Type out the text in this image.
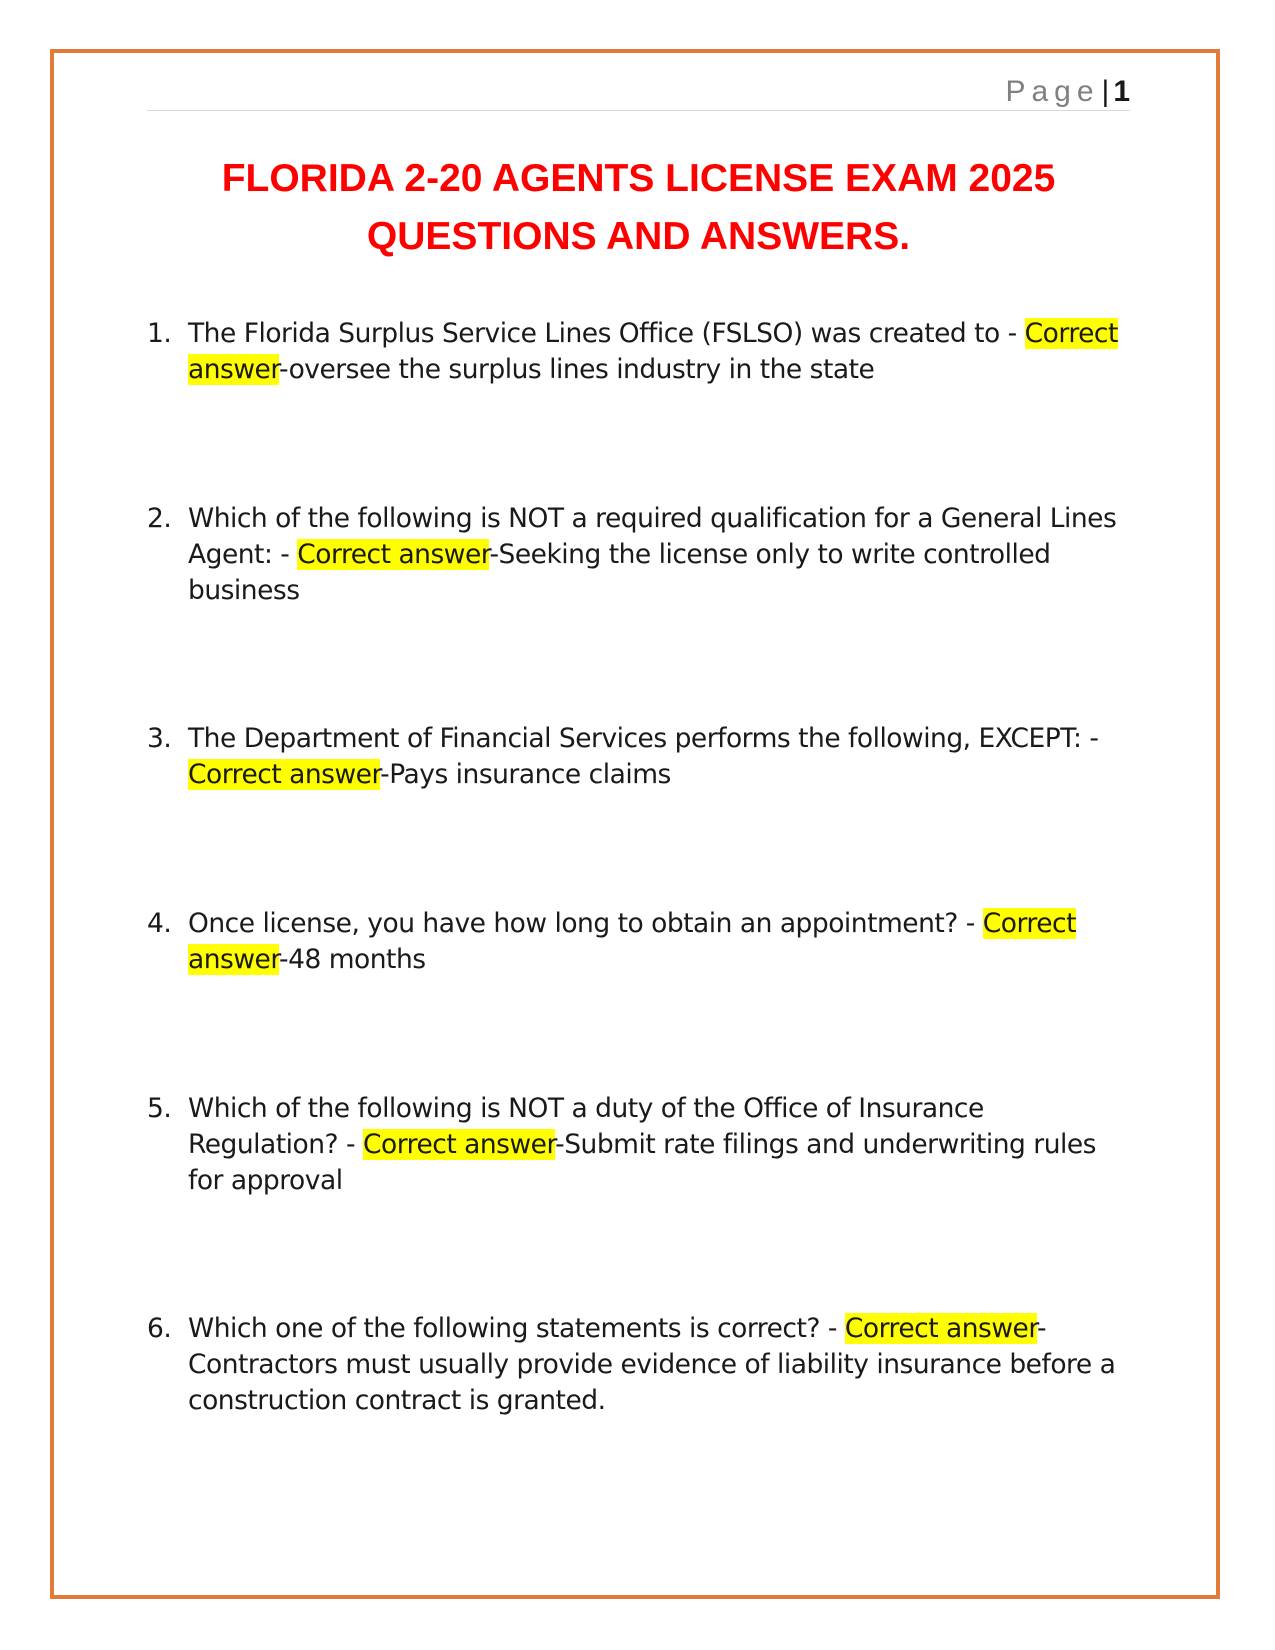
Page| 1
FLORIDA 2-20 AGENTS LICENSE EXAM 2025
QUESTIONS AND ANSWERS.
1. The Florida Surplus Service Lines Office (FSLSO) was created to - Correct answer-oversee the surplus lines industry in the state
2. Which of the following is NOT a required qualification for a General Lines Agent: - Correct answer-Seeking the license only to write controlled business
3. The Department of Financial Services performs the following, EXCEPT: - Correct answer-Pays insurance claims
4. Once license, you have how long to obtain an appointment? - Correct answer-48 months
5. Which of the following is NOT a duty of the Office of Insurance Regulation? - Correct answer-Submit rate filings and underwriting rules for approval
6. Which one of the following statements is correct? - Correct answer-Contractors must usually provide evidence of liability insurance before a construction contract is granted.
